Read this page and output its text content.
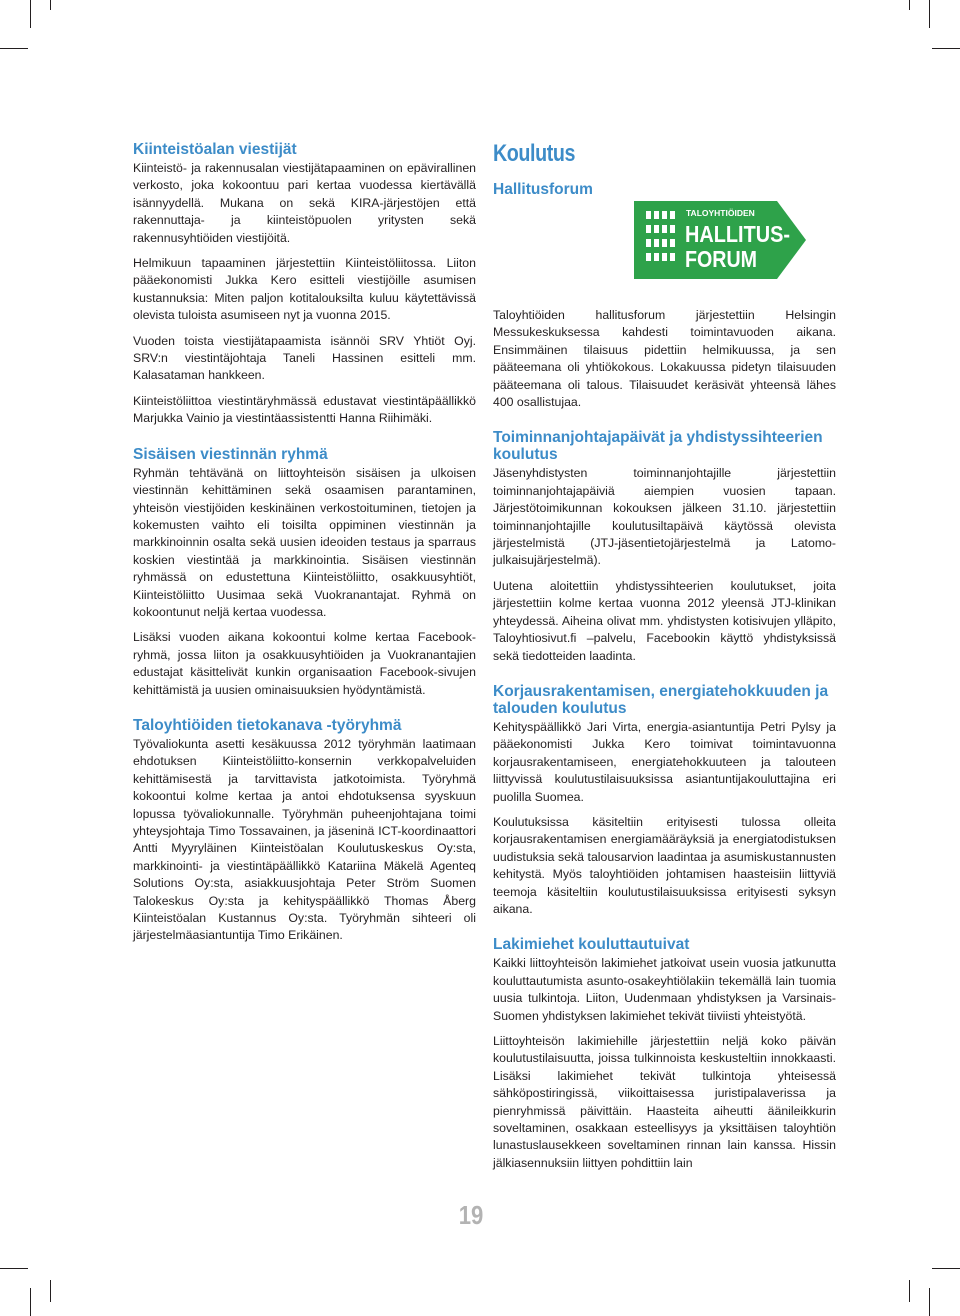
Kiinteistöalan viestijät

Kiinteistö- ja rakennusalan viestijätapaaminen on epävirallinen verkosto, joka kokoontuu pari kertaa vuodessa kiertävällä isännyydellä. Mukana on sekä KIRA-järjestöjen että rakennuttaja- ja kiinteistöpuolen yritysten sekä rakennusyhtiöiden viestijöitä.

Helmikuun tapaaminen järjestettiin Kiinteistöliitossa. Liiton pääekonomisti Jukka Kero esitteli viestijöille asumisen kustannuksia: Miten paljon kotitalouksilta kuluu käytettävissä olevista tuloista asumiseen nyt ja vuonna 2015.

Vuoden toista viestijätapaamista isännöi SRV Yhtiöt Oyj. SRV:n viestintäjohtaja Taneli Hassinen esitteli mm. Kalasataman hankkeen.

Kiinteistöliittoa viestintäryhmässä edustavat viestintäpäällikkö Marjukka Vainio ja viestintäassistentti Hanna Riihimäki.

Sisäisen viestinnän ryhmä

Ryhmän tehtävänä on liittoyhteisön sisäisen ja ulkoisen viestinnän kehittäminen sekä osaamisen parantaminen, yhteisön viestijöiden keskinäinen verkostoituminen, tietojen ja kokemusten vaihto eli toisilta oppiminen viestinnän ja markkinoinnin osalta sekä uusien ideoiden testaus ja sparraus koskien viestintää ja markkinointia. Sisäisen viestinnän ryhmässä on edustettuna Kiinteistöliitto, osakkuusyhtiöt, Kiinteistöliitto Uusimaa sekä Vuokranantajat. Ryhmä on kokoontunut neljä kertaa vuodessa.

Lisäksi vuoden aikana kokoontui kolme kertaa Facebook-ryhmä, jossa liiton ja osakkuusyhtiöiden ja Vuokranantajien edustajat käsittelivät kunkin organisaation Facebook-sivujen kehittämistä ja uusien ominaisuuksien hyödyntämistä.

Taloyhtiöiden tietokanava -työryhmä

Työvaliokunta asetti kesäkuussa 2012 työryhmän laatimaan ehdotuksen Kiinteistöliitto-konsernin verkkopalveluiden kehittämisestä ja tarvittavista jatkotoimista. Työryhmä kokoontui kolme kertaa ja antoi ehdotuksensa syyskuun lopussa työvaliokunnalle. Työryhmän puheenjohtajana toimi yhteysjohtaja Timo Tossavainen, ja jäseninä ICT-koordinaattori Antti Myyryläinen Kiinteistöalan Koulutuskeskus Oy:sta, markkinointi- ja viestintäpäällikkö Katariina Mäkelä Agenteq Solutions Oy:sta, asiakkuusjohtaja Peter Ström Suomen Talokeskus Oy:sta ja kehityspäällikkö Thomas Åberg Kiinteistöalan Kustannus Oy:sta. Työryhmän sihteeri oli järjestelmäasiantuntija Timo Erikäinen.

Koulutus
Hallitusforum
TALOYHTIÖIDEN
HALLITUS-
FORUM

Taloyhtiöiden hallitusforum järjestettiin Helsingin Messukeskuksessa kahdesti toimintavuoden aikana. Ensimmäinen tilaisuus pidettiin helmikuussa, ja sen pääteemana oli yhtiökokous. Lokakuussa pidetyn tilaisuuden pääteemana oli talous. Tilaisuudet keräsivät yhteensä lähes 400 osallistujaa.

Toiminnanjohtajapäivät ja yhdistyssihteerien koulutus

Jäsenyhdistysten toiminnanjohtajille järjestettiin toiminnanjohtajapäiviä aiempien vuosien tapaan. Järjestötoimikunnan kokouksen jälkeen 31.10. järjestettiin toiminnanjohtajille koulutusiltapäivä käytössä olevista järjestelmistä (JTJ-jäsentietojärjestelmä ja Latomo-julkaisujärjestelmä).

Uutena aloitettiin yhdistyssihteerien koulutukset, joita järjestettiin kolme kertaa vuonna 2012 yleensä JTJ-klinikan yhteydessä. Aiheina olivat mm. yhdistysten kotisivujen ylläpito, Taloyhtiosivut.fi –palvelu, Facebookin käyttö yhdistyksissä sekä tiedotteiden laadinta.

Korjausrakentamisen, energiatehokkuuden ja talouden koulutus

Kehityspäällikkö Jari Virta, energia-asiantuntija Petri Pylsy ja pääekonomisti Jukka Kero toimivat toimintavuonna korjausrakentamiseen, energiatehokkuuteen ja talouteen liittyvissä koulutustilaisuuksissa asiantuntijakouluttajina eri puolilla Suomea.

Koulutuksissa käsiteltiin erityisesti tulossa olleita korjausrakentamisen energiamääräyksiä ja energiatodistuksen uudistuksia sekä talousarvion laadintaa ja asumiskustannusten kehitystä. Myös taloyhtiöiden johtamisen haasteisiin liittyviä teemoja käsiteltiin koulutustilaisuuksissa erityisesti syksyn aikana.

Lakimiehet kouluttautuivat

Kaikki liittoyhteisön lakimiehet jatkoivat usein vuosia jatkunutta kouluttautumista asunto-osakeyhtiölakiin tekemällä lain tuomia uusia tulkintoja. Liiton, Uudenmaan yhdistyksen ja Varsinais-Suomen yhdistyksen lakimiehet tekivät tiiviisti yhteistyötä.

Liittoyhteisön lakimiehille järjestettiin neljä koko päivän koulutustilaisuutta, joissa tulkinnoista keskusteltiin innokkaasti. Lisäksi lakimiehet tekivät tulkintoja yhteisessä sähköpostiringissä, viikoittaisessa juristipalaverissa ja pienryhmissä päivittäin. Haasteita aiheutti äänileikkurin soveltaminen, osakkaan esteellisyys ja yksittäisen taloyhtiön lunastuslausekkeen soveltaminen rinnan lain kanssa. Hissin jälkiasennuksiin liittyen pohdittiin lain

19
